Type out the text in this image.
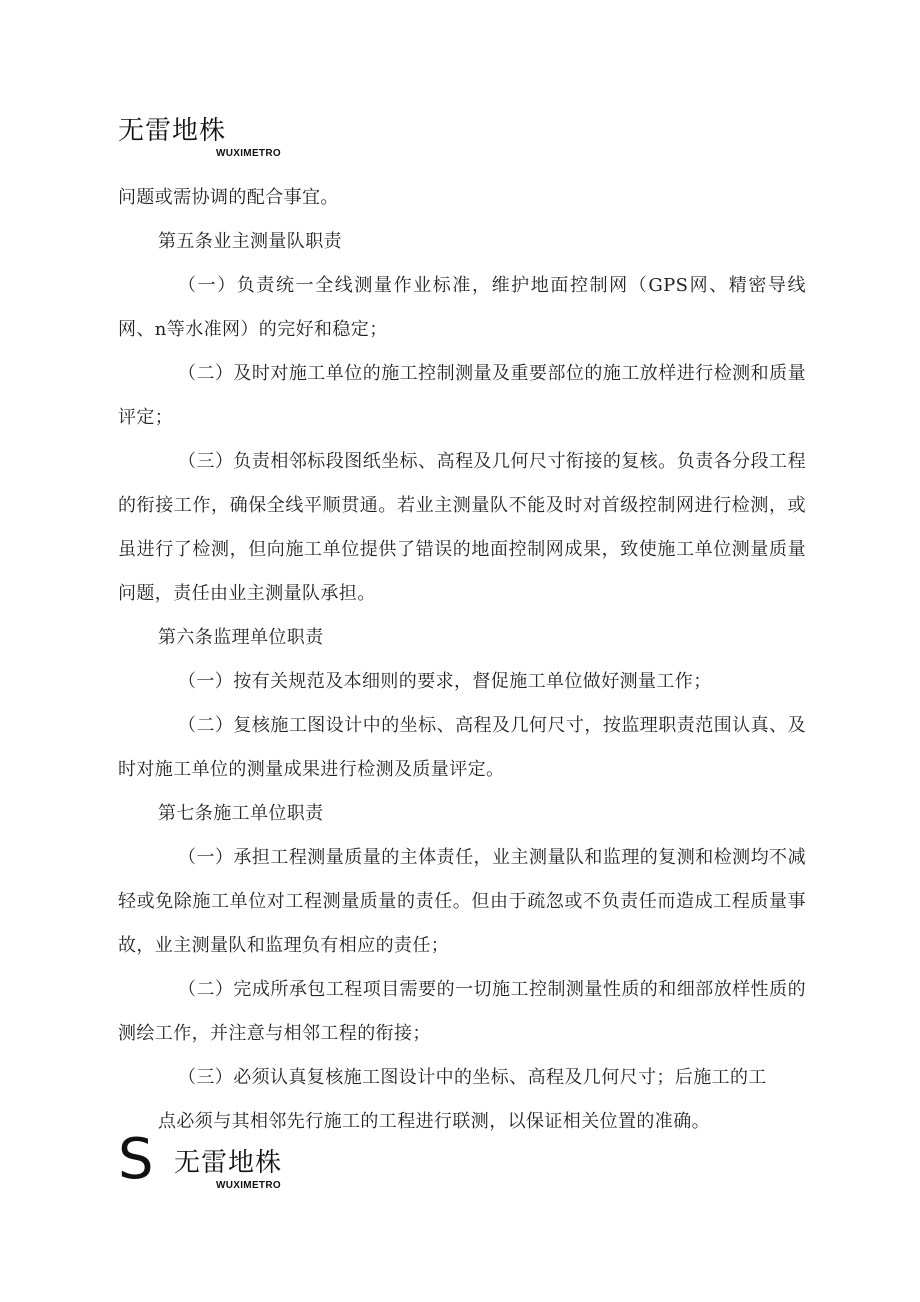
无雷地株
WUXIMETRO

问题或需协调的配合事宜。

第五条业主测量队职责

（一）负责统一全线测量作业标准，维护地面控制网（GPS网、精密导线网、n等水准网）的完好和稳定；

（二）及时对施工单位的施工控制测量及重要部位的施工放样进行检测和质量评定；

（三）负责相邻标段图纸坐标、高程及几何尺寸衔接的复核。负责各分段工程的衔接工作，确保全线平顺贯通。若业主测量队不能及时对首级控制网进行检测，或虽进行了检测，但向施工单位提供了错误的地面控制网成果，致使施工单位测量质量问题，责任由业主测量队承担。

第六条监理单位职责

（一）按有关规范及本细则的要求，督促施工单位做好测量工作；

（二）复核施工图设计中的坐标、高程及几何尺寸，按监理职责范围认真、及时对施工单位的测量成果进行检测及质量评定。

第七条施工单位职责

（一）承担工程测量质量的主体责任，业主测量队和监理的复测和检测均不减轻或免除施工单位对工程测量质量的责任。但由于疏忽或不负责任而造成工程质量事故，业主测量队和监理负有相应的责任；

（二）完成所承包工程项目需要的一切施工控制测量性质的和细部放样性质的测绘工作，并注意与相邻工程的衔接；

（三）必须认真复核施工图设计中的坐标、高程及几何尺寸；后施工的工

点必须与其相邻先行施工的工程进行联测，以保证相关位置的准确。

S 无雷地株
WUXIMETRO
